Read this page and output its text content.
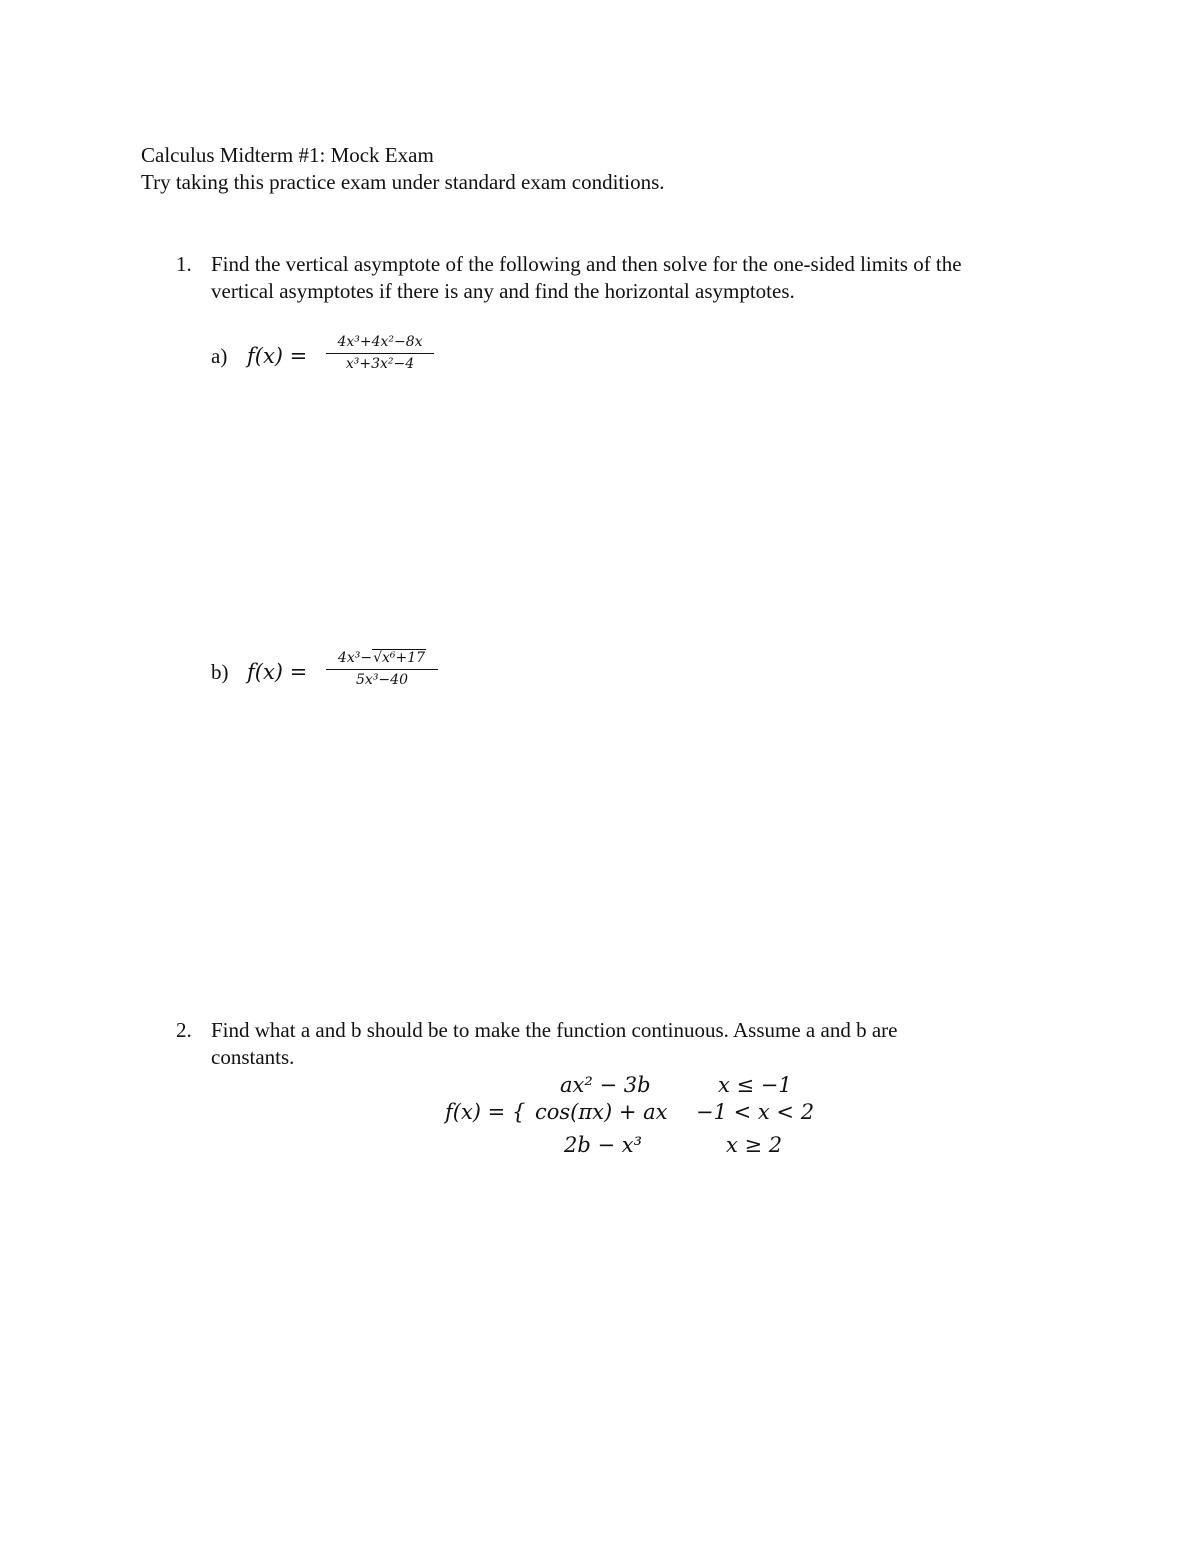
Calculus Midterm #1: Mock Exam
Try taking this practice exam under standard exam conditions.
1. Find the vertical asymptote of the following and then solve for the one-sided limits of the
vertical asymptotes if there is any and find the horizontal asymptotes.
a) f(x) =
4x³+4x²−8x
x³+3x²−4
b) f(x) =
4x³−√x⁶+17
5x³−40
2. Find what a and b should be to make the function continuous. Assume a and b are
constants.
f(x) = {
ax² − 3b	x ≤ −1
cos(πx) + ax −1 < x < 2
2b − x³	x ≥ 2
